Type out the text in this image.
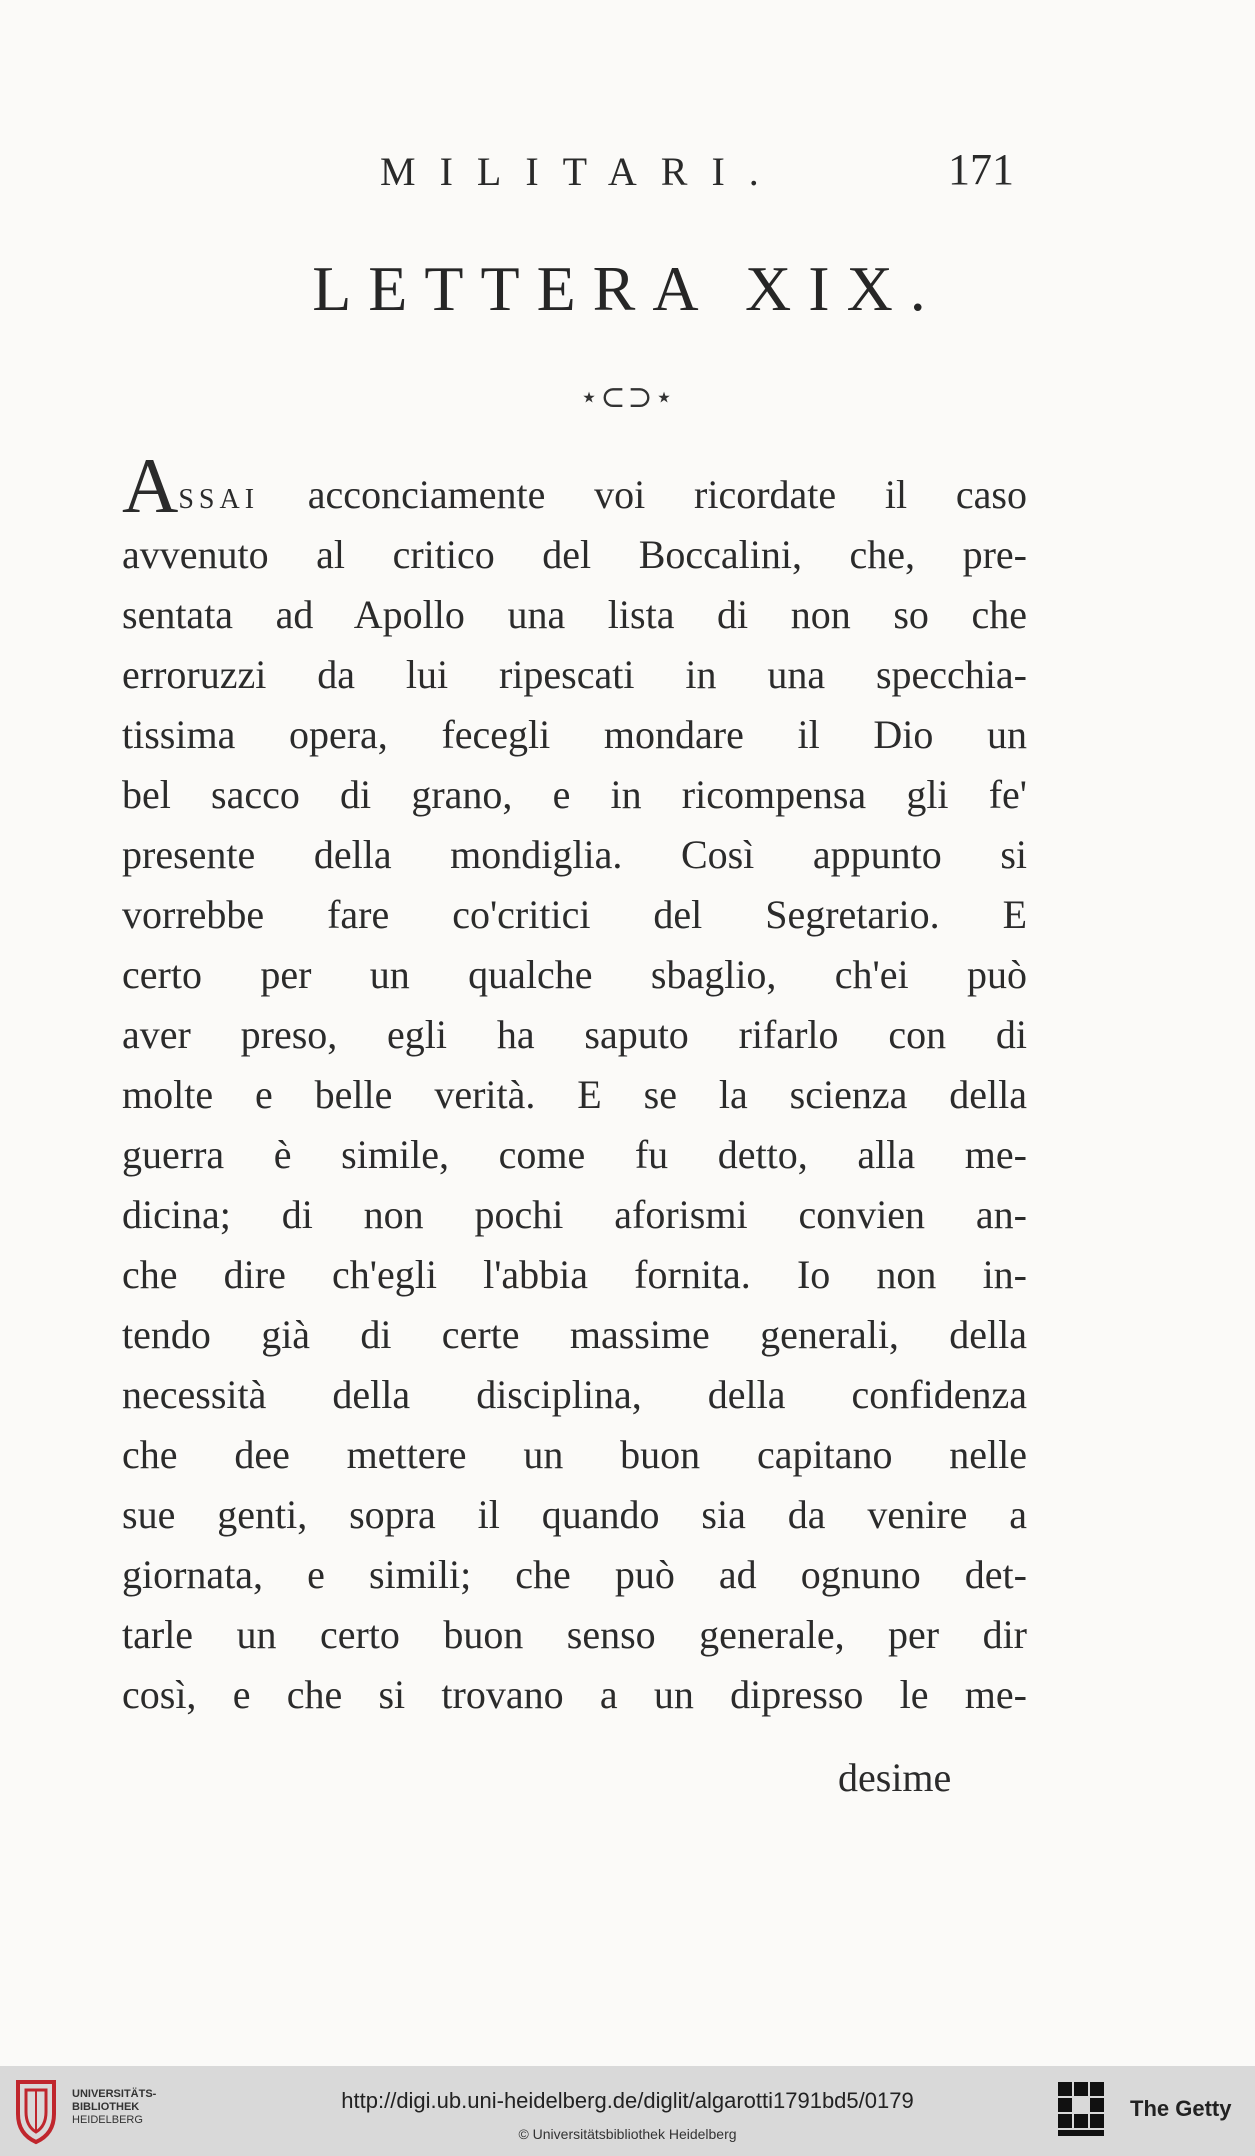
MILITARI.	171
LETTERA XIX.
⋆⊂⊃⋆
ASSAI acconciamente voi ricordate il caso
avvenuto al critico del Boccalini, che, pre-
sentata ad Apollo una lista di non so che
erroruzzi da lui ripescati in una specchia-
tissima opera, fecegli mondare il Dio un
bel sacco di grano, e in ricompensa gli fe'
presente della mondiglia. Così appunto si
vorrebbe fare co'critici del Segretario. E
certo per un qualche sbaglio, ch'ei può
aver preso, egli ha saputo rifarlo con di
molte e belle verità. E se la scienza della
guerra è simile, come fu detto, alla me-
dicina; di non pochi aforismi convien an-
che dire ch'egli l'abbia fornita. Io non in-
tendo già di certe massime generali, della
necessità della disciplina, della confidenza
che dee mettere un buon capitano nelle
sue genti, sopra il quando sia da venire a
giornata, e simili; che può ad ognuno det-
tarle un certo buon senso generale, per dir
così, e che si trovano a un dipresso le me-
desime
UNIVERSITÄTS-
BIBLIOTHEK
HEIDELBERG
http://digi.ub.uni-heidelberg.de/diglit/algarotti1791bd5/0179
© Universitätsbibliothek Heidelberg
The Getty
